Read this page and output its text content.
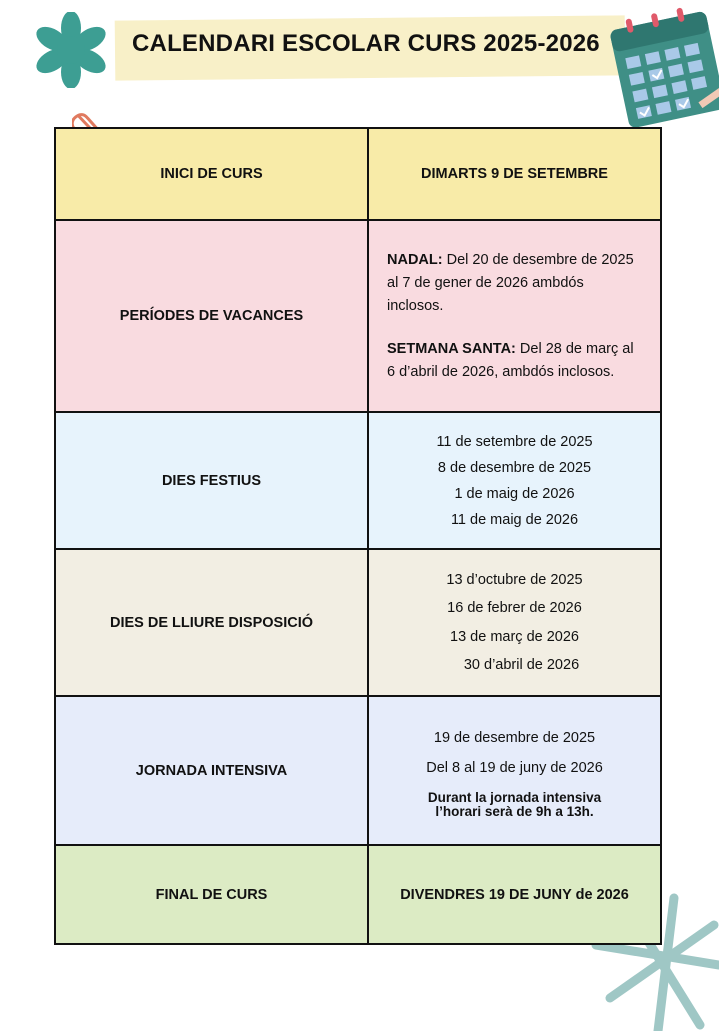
CALENDARI ESCOLAR CURS 2025-2026
INICI DE CURS	DIMARTS 9 DE SETEMBRE
PERÍODES DE VACANCES	NADAL: Del 20 de desembre de 2025 al 7 de gener de 2026 ambdós inclosos.
SETMANA SANTA: Del 28 de març al 6 d’abril de 2026, ambdós inclosos.

DIES FESTIUS	11 de setembre de 2025
8 de desembre de 2025
1 de maig de 2026
11 de maig de 2026

DIES DE LLIURE DISPOSICIÓ	13 d’octubre de 2025
16 de febrer de 2026
13 de març de 2026
30 d’abril de 2026

JORNADA INTENSIVA	19 de desembre de 2025
Del 8 al 19 de juny de 2026
Durant la jornada intensiva
l’horari serà de 9h a 13h.

FINAL DE CURS	DIVENDRES 19 DE JUNY de 2026
